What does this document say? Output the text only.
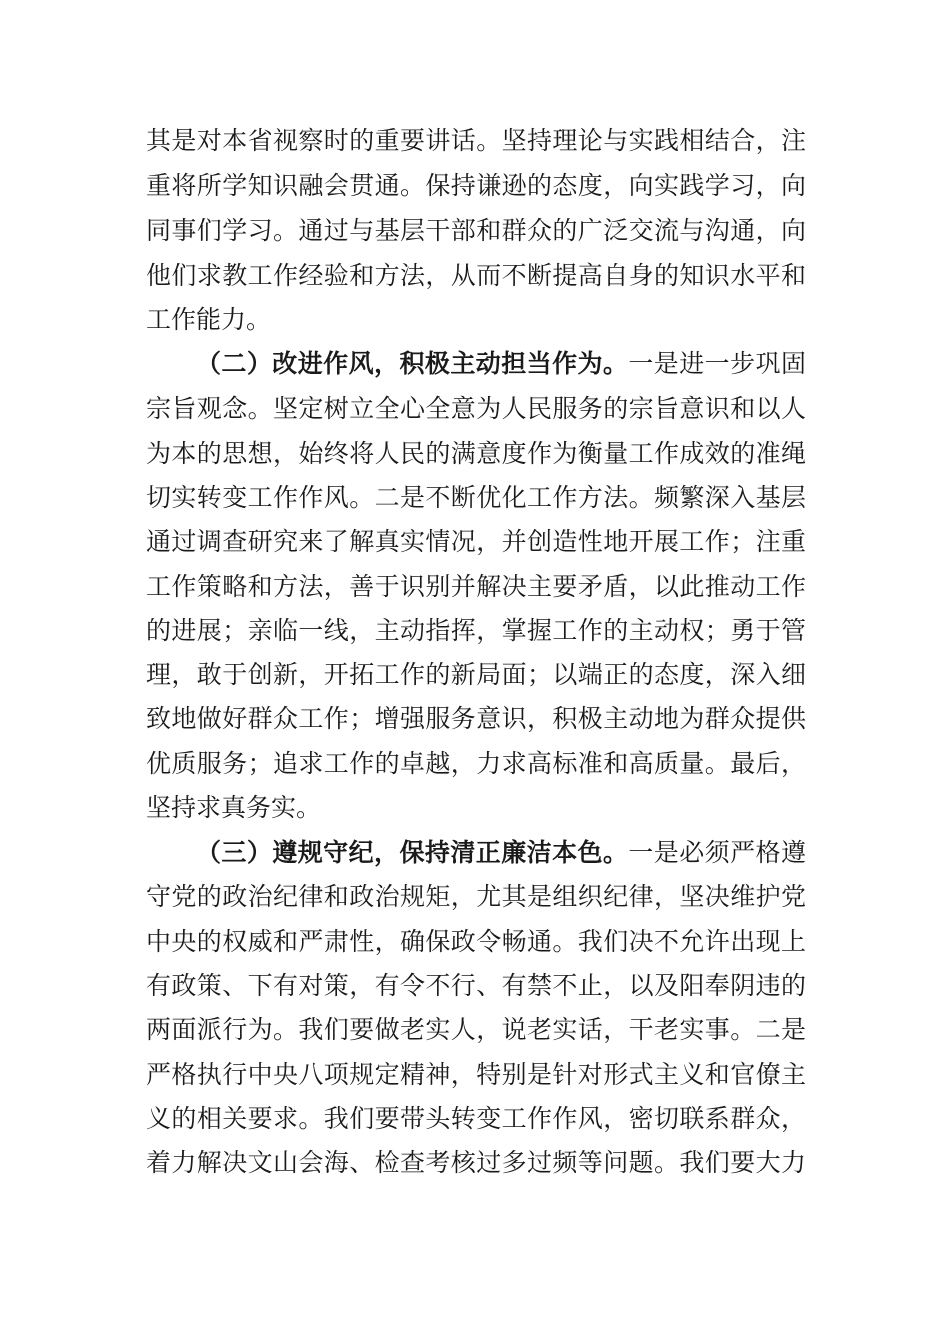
其是对本省视察时的重要讲话。坚持理论与实践相结合，注
重将所学知识融会贯通。保持谦逊的态度，向实践学习，向
同事们学习。通过与基层干部和群众的广泛交流与沟通，向
他们求教工作经验和方法，从而不断提高自身的知识水平和
工作能力。
（二）改进作风，积极主动担当作为。一是进一步巩固
宗旨观念。坚定树立全心全意为人民服务的宗旨意识和以人
为本的思想，始终将人民的满意度作为衡量工作成效的准绳
切实转变工作作风。二是不断优化工作方法。频繁深入基层
通过调查研究来了解真实情况，并创造性地开展工作；注重
工作策略和方法，善于识别并解决主要矛盾，以此推动工作
的进展；亲临一线，主动指挥，掌握工作的主动权；勇于管
理，敢于创新，开拓工作的新局面；以端正的态度，深入细
致地做好群众工作；增强服务意识，积极主动地为群众提供
优质服务；追求工作的卓越，力求高标准和高质量。最后，
坚持求真务实。
（三）遵规守纪，保持清正廉洁本色。一是必须严格遵
守党的政治纪律和政治规矩，尤其是组织纪律，坚决维护党
中央的权威和严肃性，确保政令畅通。我们决不允许出现上
有政策、下有对策，有令不行、有禁不止，以及阳奉阴违的
两面派行为。我们要做老实人，说老实话，干老实事。二是
严格执行中央八项规定精神，特别是针对形式主义和官僚主
义的相关要求。我们要带头转变工作作风，密切联系群众，
着力解决文山会海、检查考核过多过频等问题。我们要大力
